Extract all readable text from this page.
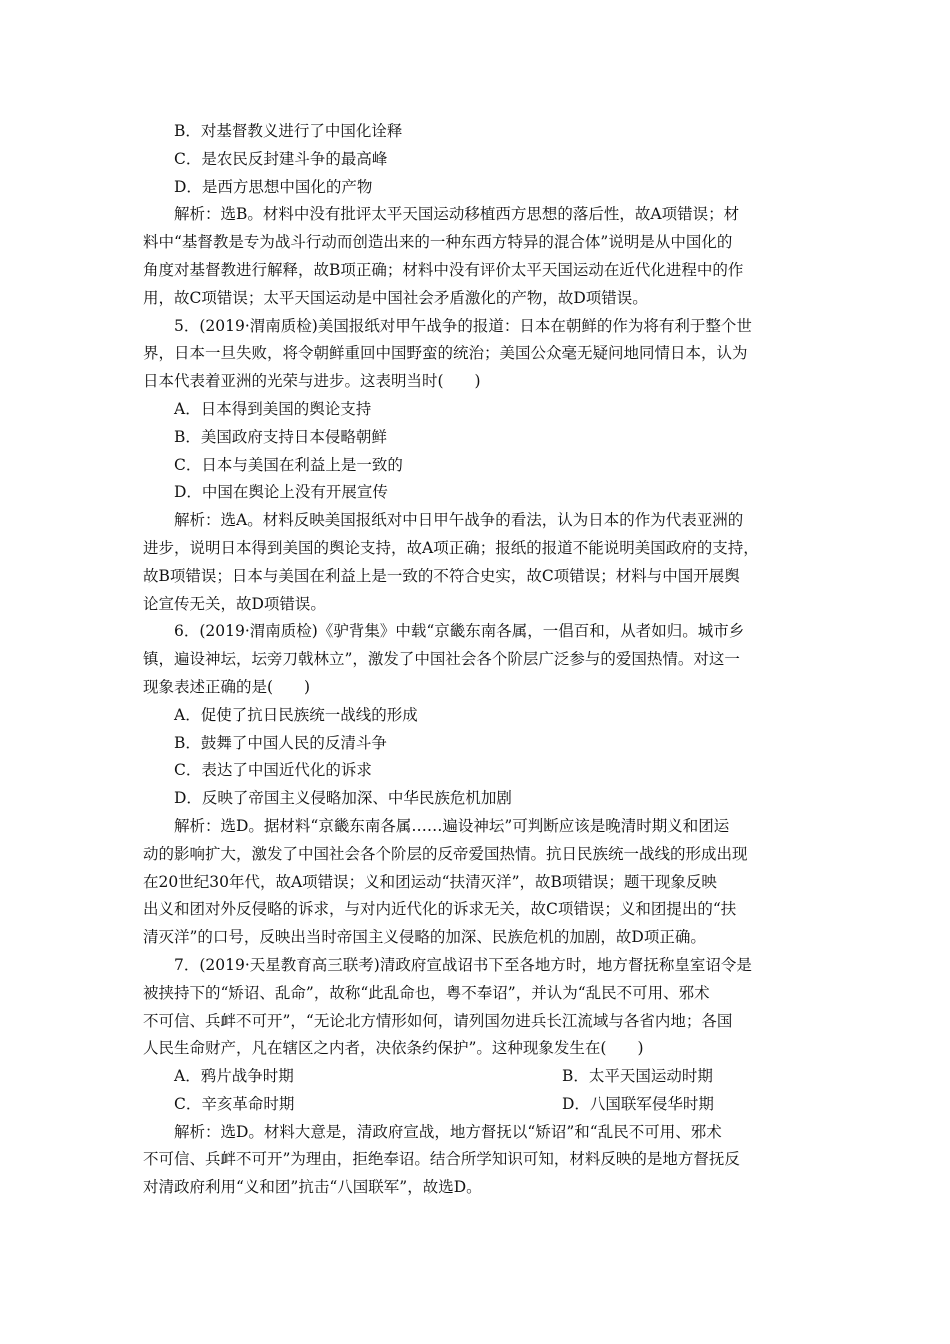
B．对基督教义进行了中国化诠释
C．是农民反封建斗争的最高峰
D．是西方思想中国化的产物
解析：选B。材料中没有批评太平天国运动移植西方思想的落后性，故A项错误；材
料中“基督教是专为战斗行动而创造出来的一种东西方特异的混合体”说明是从中国化的
角度对基督教进行解释，故B项正确；材料中没有评价太平天国运动在近代化进程中的作
用，故C项错误；太平天国运动是中国社会矛盾激化的产物，故D项错误。
5．(2019·渭南质检)美国报纸对甲午战争的报道：日本在朝鲜的作为将有利于整个世
界，日本一旦失败，将令朝鲜重回中国野蛮的统治；美国公众毫无疑问地同情日本，认为
日本代表着亚洲的光荣与进步。这表明当时(　　)
A．日本得到美国的舆论支持
B．美国政府支持日本侵略朝鲜
C．日本与美国在利益上是一致的
D．中国在舆论上没有开展宣传
解析：选A。材料反映美国报纸对中日甲午战争的看法，认为日本的作为代表亚洲的
进步，说明日本得到美国的舆论支持，故A项正确；报纸的报道不能说明美国政府的支持，
故B项错误；日本与美国在利益上是一致的不符合史实，故C项错误；材料与中国开展舆
论宣传无关，故D项错误。
6．(2019·渭南质检)《驴背集》中载“京畿东南各属，一倡百和，从者如归。城市乡
镇，遍设神坛，坛旁刀戟林立”，激发了中国社会各个阶层广泛参与的爱国热情。对这一
现象表述正确的是(　　)
A．促使了抗日民族统一战线的形成
B．鼓舞了中国人民的反清斗争
C．表达了中国近代化的诉求
D．反映了帝国主义侵略加深、中华民族危机加剧
解析：选D。据材料“京畿东南各属……遍设神坛”可判断应该是晚清时期义和团运
动的影响扩大，激发了中国社会各个阶层的反帝爱国热情。抗日民族统一战线的形成出现
在20世纪30年代，故A项错误；义和团运动“扶清灭洋”，故B项错误；题干现象反映
出义和团对外反侵略的诉求，与对内近代化的诉求无关，故C项错误；义和团提出的“扶
清灭洋”的口号，反映出当时帝国主义侵略的加深、民族危机的加剧，故D项正确。
7．(2019·天星教育高三联考)清政府宣战诏书下至各地方时，地方督抚称皇室诏令是
被挟持下的“矫诏、乱命”，故称“此乱命也，粤不奉诏”，并认为“乱民不可用、邪术
不可信、兵衅不可开”，“无论北方情形如何，请列国勿进兵长江流域与各省内地；各国
人民生命财产，凡在辖区之内者，决依条约保护”。这种现象发生在(　　)
A．鸦片战争时期	B．太平天国运动时期
C．辛亥革命时期	D．八国联军侵华时期
解析：选D。材料大意是，清政府宣战，地方督抚以“矫诏”和“乱民不可用、邪术
不可信、兵衅不可开”为理由，拒绝奉诏。结合所学知识可知，材料反映的是地方督抚反
对清政府利用“义和团”抗击“八国联军”，故选D。
